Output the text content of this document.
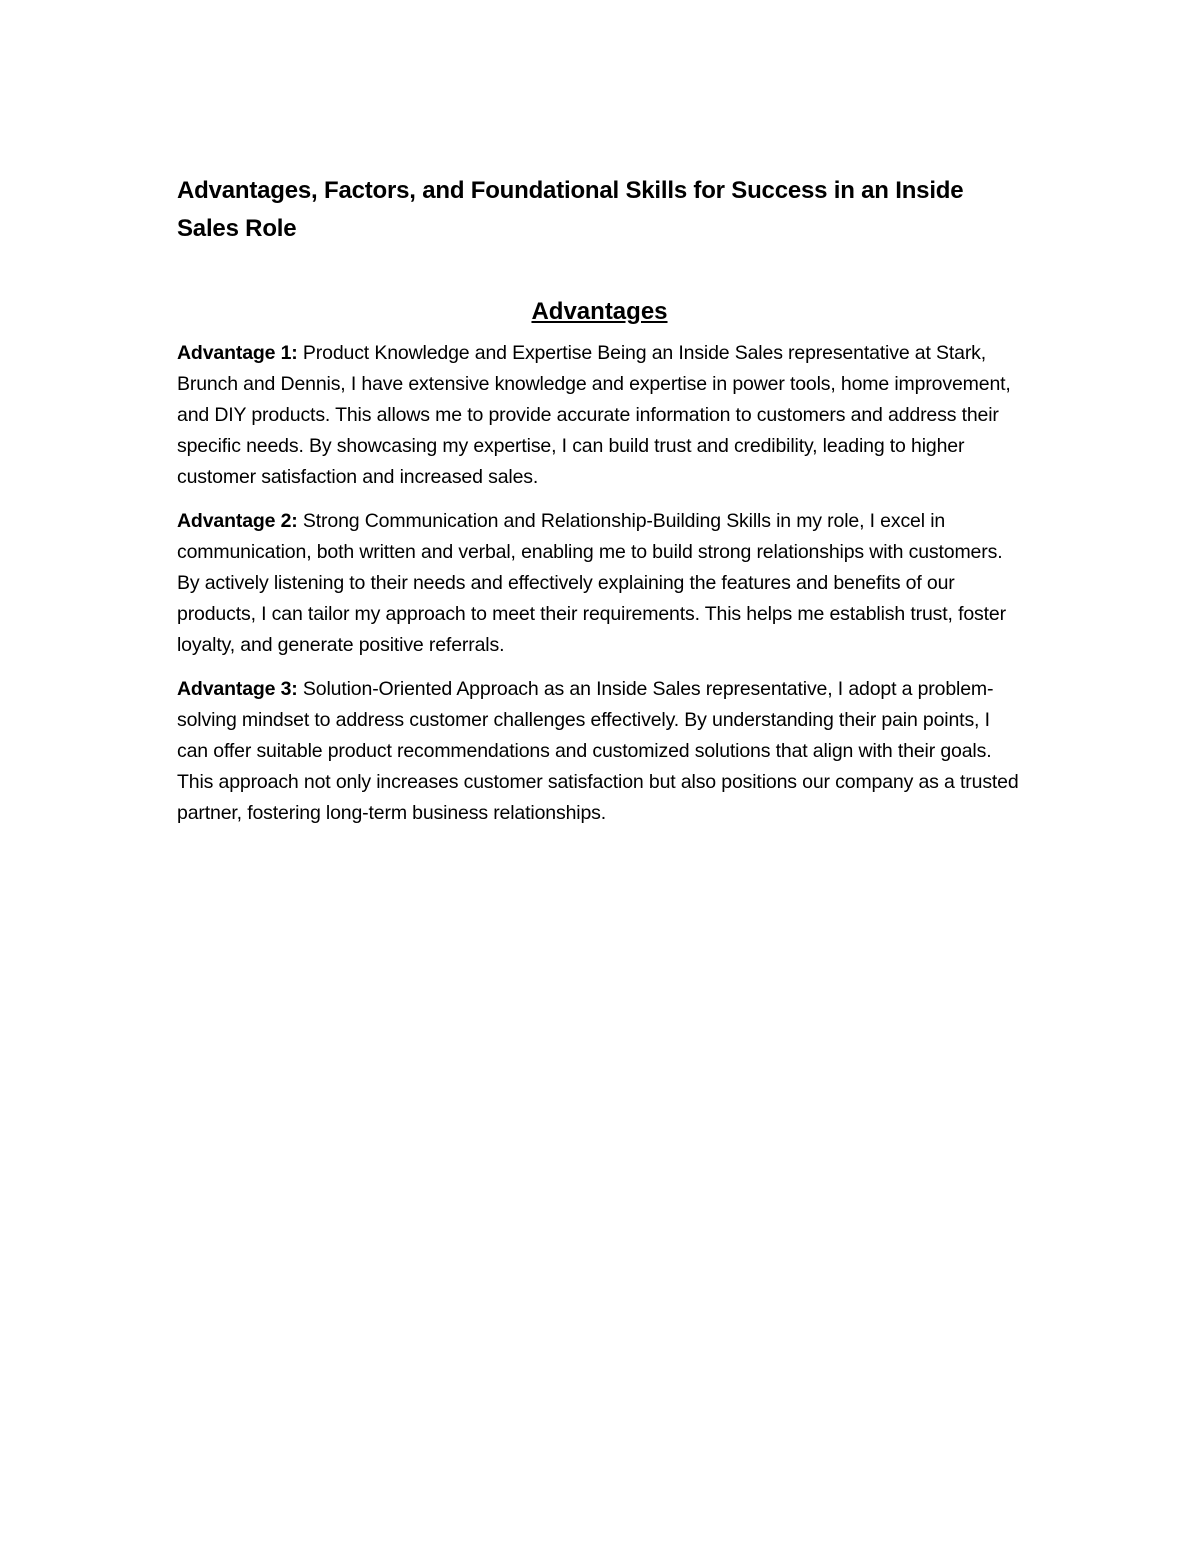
Advantages, Factors, and Foundational Skills for Success in an Inside Sales Role
Advantages

Advantage 1: Product Knowledge and Expertise Being an Inside Sales representative at Stark, Brunch and Dennis, I have extensive knowledge and expertise in power tools, home improvement, and DIY products. This allows me to provide accurate information to customers and address their specific needs. By showcasing my expertise, I can build trust and credibility, leading to higher customer satisfaction and increased sales.

Advantage 2: Strong Communication and Relationship-Building Skills in my role, I excel in communication, both written and verbal, enabling me to build strong relationships with customers. By actively listening to their needs and effectively explaining the features and benefits of our products, I can tailor my approach to meet their requirements. This helps me establish trust, foster loyalty, and generate positive referrals.

Advantage 3: Solution-Oriented Approach as an Inside Sales representative, I adopt a problem-solving mindset to address customer challenges effectively. By understanding their pain points, I can offer suitable product recommendations and customized solutions that align with their goals. This approach not only increases customer satisfaction but also positions our company as a trusted partner, fostering long-term business relationships.
